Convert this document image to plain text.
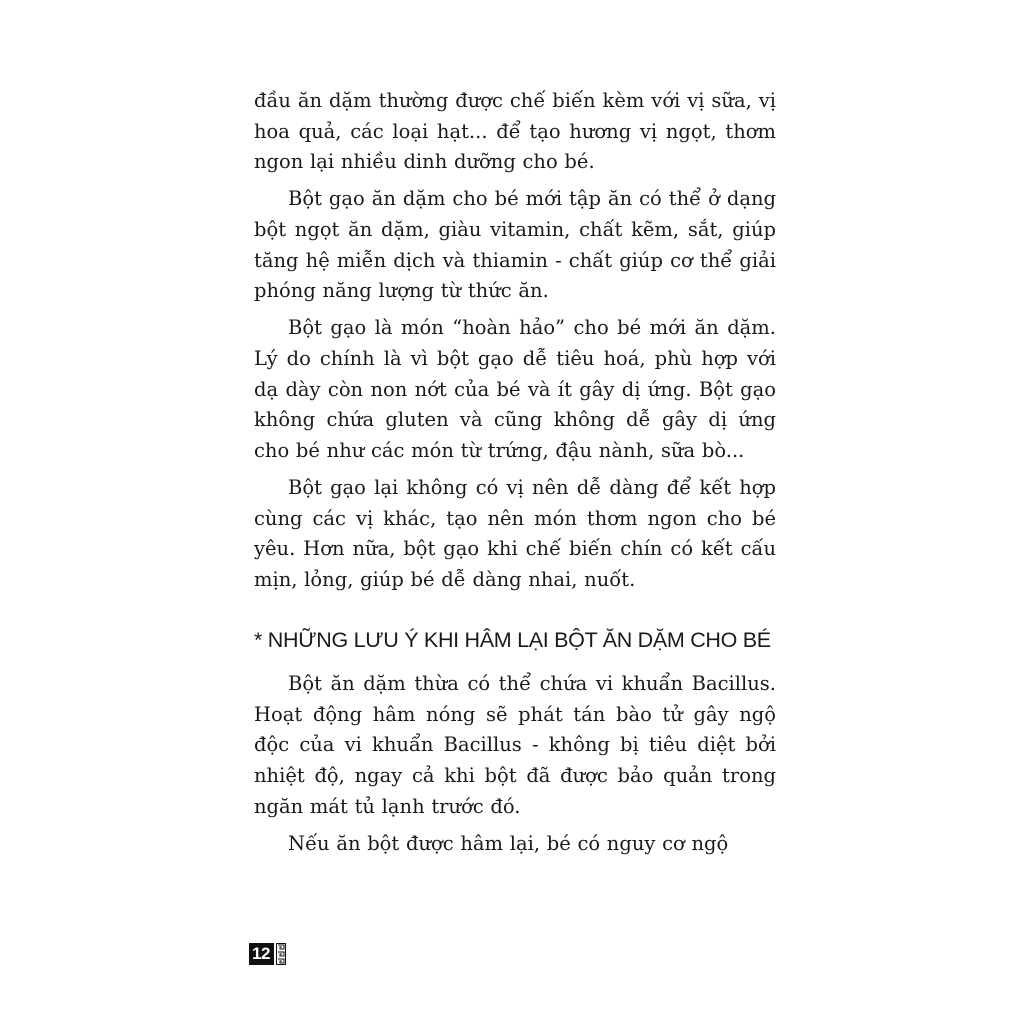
đầu ăn dặm thường được chế biến kèm với vị sữa, vị hoa quả, các loại hạt... để tạo hương vị ngọt, thơm ngon lại nhiều dinh dưỡng cho bé.

Bột gạo ăn dặm cho bé mới tập ăn có thể ở dạng bột ngọt ăn dặm, giàu vitamin, chất kẽm, sắt, giúp tăng hệ miễn dịch và thiamin - chất giúp cơ thể giải phóng năng lượng từ thức ăn.

Bột gạo là món “hoàn hảo” cho bé mới ăn dặm. Lý do chính là vì bột gạo dễ tiêu hoá, phù hợp với dạ dày còn non nớt của bé và ít gây dị ứng. Bột gạo không chứa gluten và cũng không dễ gây dị ứng cho bé như các món từ trứng, đậu nành, sữa bò...

Bột gạo lại không có vị nên dễ dàng để kết hợp cùng các vị khác, tạo nên món thơm ngon cho bé yêu. Hơn nữa, bột gạo khi chế biến chín có kết cấu mịn, lỏng, giúp bé dễ dàng nhai, nuốt.

* NHỮNG LƯU Ý KHI HÂM LẠI BỘT ĂN DẶM CHO BÉ

Bột ăn dặm thừa có thể chứa vi khuẩn Bacillus. Hoạt động hâm nóng sẽ phát tán bào tử gây ngộ độc của vi khuẩn Bacillus - không bị tiêu diệt bởi nhiệt độ, ngay cả khi bột đã được bảo quản trong ngăn mát tủ lạnh trước đó.

Nếu ăn bột được hâm lại, bé có nguy cơ ngộ

12
